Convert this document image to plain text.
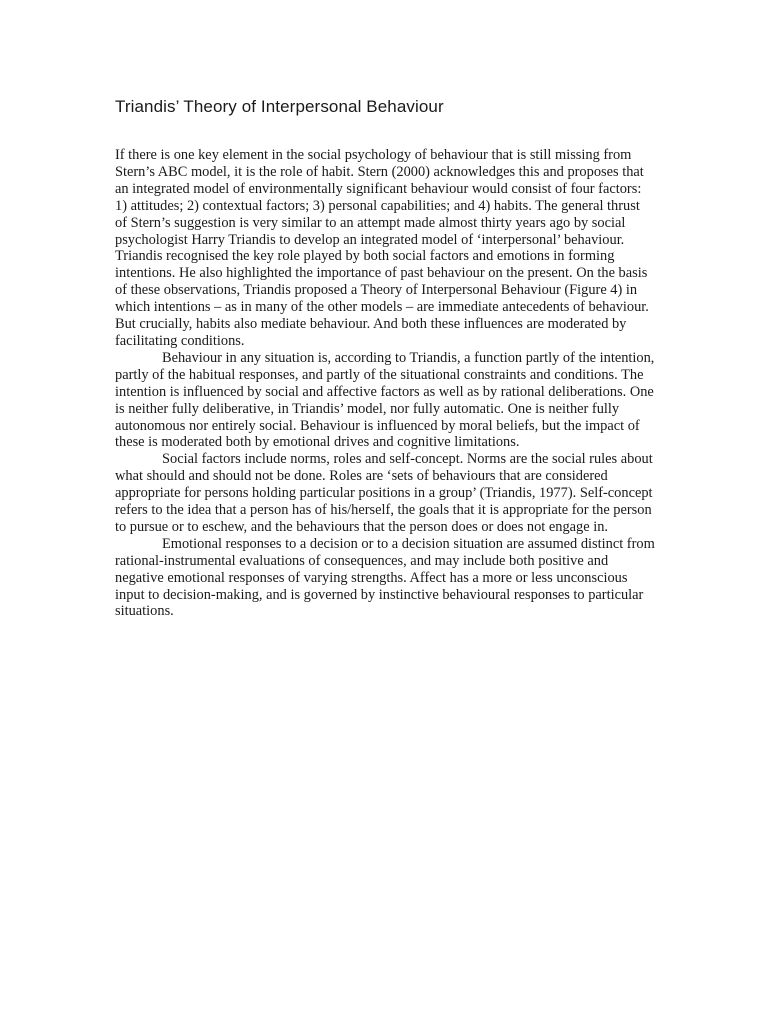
Triandis’ Theory of Interpersonal Behaviour

If there is one key element in the social psychology of behaviour that is still missing from Stern’s ABC model, it is the role of habit. Stern (2000) acknowledges this and proposes that an integrated model of environmentally significant behaviour would consist of four factors: 1) attitudes; 2) contextual factors; 3) personal capabilities; and 4) habits. The general thrust of Stern’s suggestion is very similar to an attempt made almost thirty years ago by social psychologist Harry Triandis to develop an integrated model of ‘interpersonal’ behaviour. Triandis recognised the key role played by both social factors and emotions in forming intentions. He also highlighted the importance of past behaviour on the present. On the basis of these observations, Triandis proposed a Theory of Interpersonal Behaviour (Figure 4) in which intentions – as in many of the other models – are immediate antecedents of behaviour. But crucially, habits also mediate behaviour. And both these influences are moderated by facilitating conditions.

Behaviour in any situation is, according to Triandis, a function partly of the intention, partly of the habitual responses, and partly of the situational constraints and conditions. The intention is influenced by social and affective factors as well as by rational deliberations. One is neither fully deliberative, in Triandis’ model, nor fully automatic. One is neither fully autonomous nor entirely social. Behaviour is influenced by moral beliefs, but the impact of these is moderated both by emotional drives and cognitive limitations.

Social factors include norms, roles and self-concept. Norms are the social rules about what should and should not be done. Roles are ‘sets of behaviours that are considered appropriate for persons holding particular positions in a group’ (Triandis, 1977). Self-concept refers to the idea that a person has of his/herself, the goals that it is appropriate for the person to pursue or to eschew, and the behaviours that the person does or does not engage in.

Emotional responses to a decision or to a decision situation are assumed distinct from rational-instrumental evaluations of consequences, and may include both positive and negative emotional responses of varying strengths. Affect has a more or less unconscious input to decision-making, and is governed by instinctive behavioural responses to particular situations.
